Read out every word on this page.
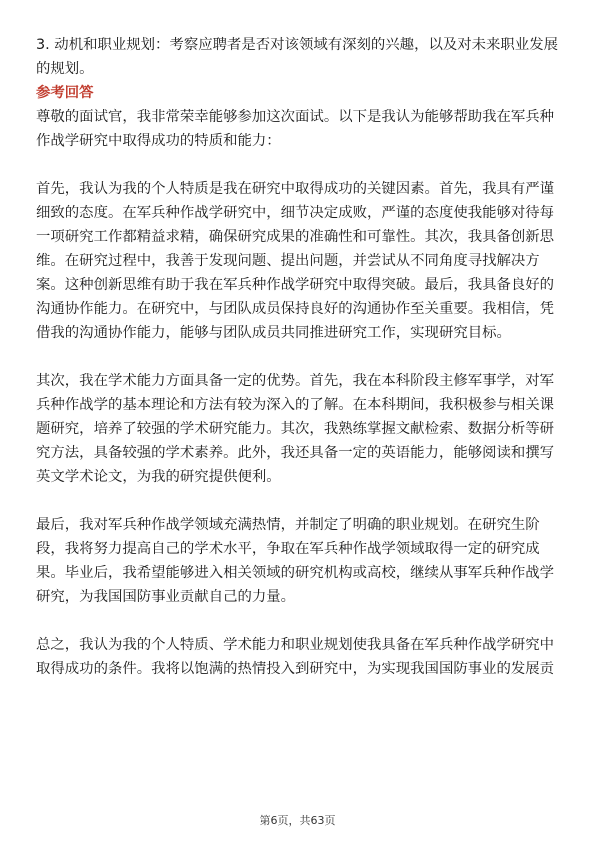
3. 动机和职业规划：考察应聘者是否对该领域有深刻的兴趣，以及对未来职业发展

的规划。

参考回答

尊敬的面试官，我非常荣幸能够参加这次面试。以下是我认为能够帮助我在军兵种

作战学研究中取得成功的特质和能力：

首先，我认为我的个人特质是我在研究中取得成功的关键因素。首先，我具有严谨

细致的态度。在军兵种作战学研究中，细节决定成败，严谨的态度使我能够对待每

一项研究工作都精益求精，确保研究成果的准确性和可靠性。其次，我具备创新思

维。在研究过程中，我善于发现问题、提出问题，并尝试从不同角度寻找解决方

案。这种创新思维有助于我在军兵种作战学研究中取得突破。最后，我具备良好的

沟通协作能力。在研究中，与团队成员保持良好的沟通协作至关重要。我相信，凭

借我的沟通协作能力，能够与团队成员共同推进研究工作，实现研究目标。

其次，我在学术能力方面具备一定的优势。首先，我在本科阶段主修军事学，对军

兵种作战学的基本理论和方法有较为深入的了解。在本科期间，我积极参与相关课

题研究，培养了较强的学术研究能力。其次，我熟练掌握文献检索、数据分析等研

究方法，具备较强的学术素养。此外，我还具备一定的英语能力，能够阅读和撰写

英文学术论文，为我的研究提供便利。

最后，我对军兵种作战学领域充满热情，并制定了明确的职业规划。在研究生阶

段，我将努力提高自己的学术水平，争取在军兵种作战学领域取得一定的研究成

果。毕业后，我希望能够进入相关领域的研究机构或高校，继续从事军兵种作战学

研究，为我国国防事业贡献自己的力量。

总之，我认为我的个人特质、学术能力和职业规划使我具备在军兵种作战学研究中

取得成功的条件。我将以饱满的热情投入到研究中，为实现我国国防事业的发展贡

第6页，共63页
